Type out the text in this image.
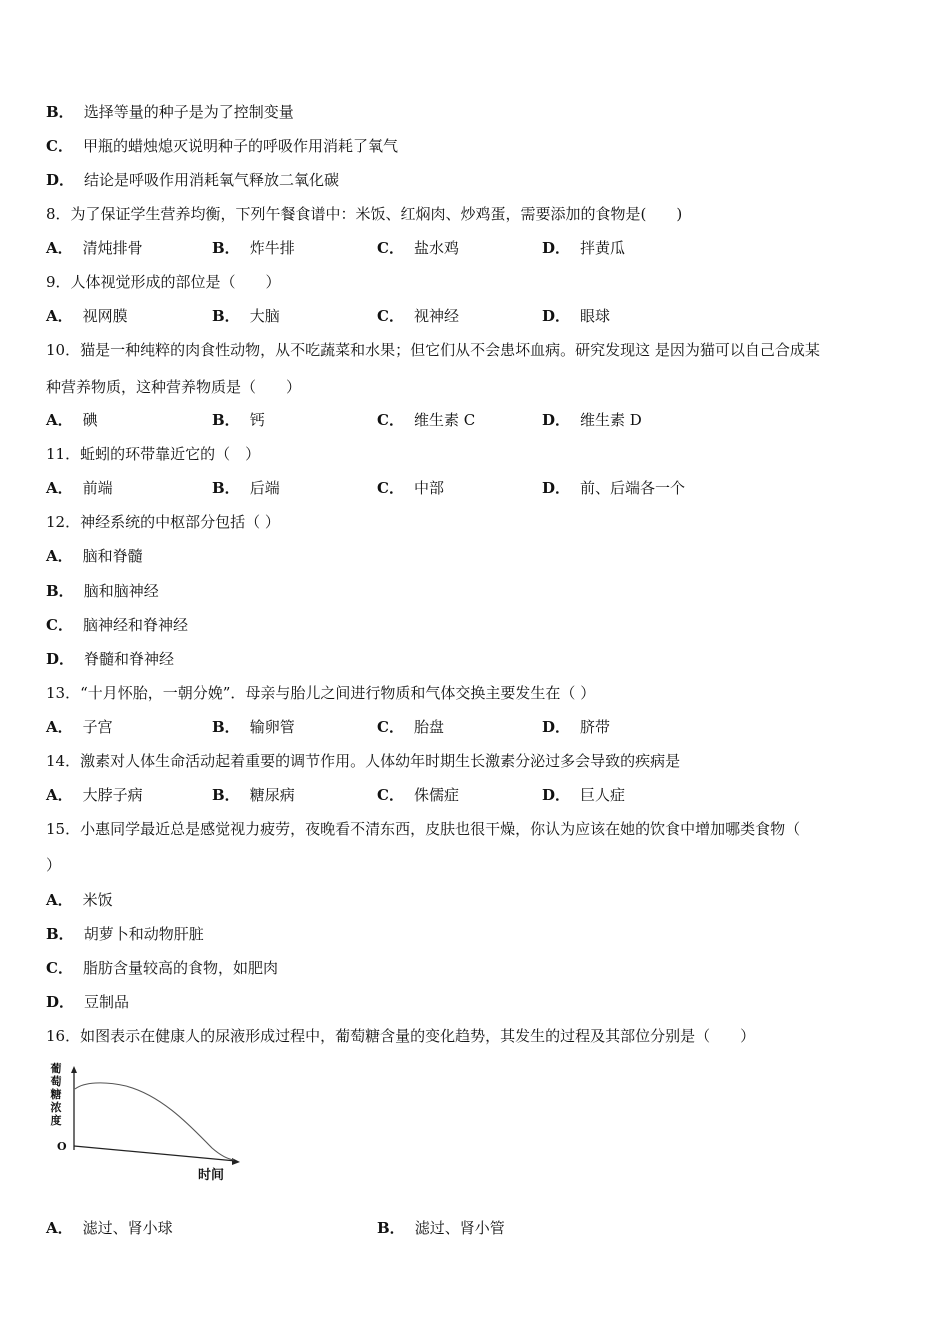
B． 选择等量的种子是为了控制变量
C． 甲瓶的蜡烛熄灭说明种子的呼吸作用消耗了氧气
D． 结论是呼吸作用消耗氧气释放二氧化碳
8．为了保证学生营养均衡，下列午餐食谱中：米饭、红焖肉、炒鸡蛋，需要添加的食物是(　　)
A． 清炖排骨	B． 炸牛排	C． 盐水鸡	D． 拌黄瓜
9．人体视觉形成的部位是（　　）
A． 视网膜	B． 大脑	C． 视神经	D． 眼球
10．猫是一种纯粹的肉食性动物，从不吃蔬菜和水果；但它们从不会患坏血病。研究发现这 是因为猫可以自己合成某
种营养物质，这种营养物质是（　　）
A． 碘	B． 钙	C． 维生素 C	D． 维生素 D
11．蚯蚓的环带靠近它的（　）
A． 前端	B． 后端	C． 中部	D． 前、后端各一个
12．神经系统的中枢部分包括（ ）
A． 脑和脊髓
B． 脑和脑神经
C． 脑神经和脊神经
D． 脊髓和脊神经
13．“十月怀胎，一朝分娩”．母亲与胎儿之间进行物质和气体交换主要发生在（ ）
A． 子宫	B． 输卵管	C． 胎盘	D． 脐带
14．激素对人体生命活动起着重要的调节作用。人体幼年时期生长激素分泌过多会导致的疾病是
A． 大脖子病	B． 糖尿病	C． 侏儒症	D． 巨人症
15．小惠同学最近总是感觉视力疲劳，夜晚看不清东西，皮肤也很干燥，你认为应该在她的饮食中增加哪类食物（
）
A． 米饭
B． 胡萝卜和动物肝脏
C． 脂肪含量较高的食物，如肥肉
D． 豆制品
16．如图表示在健康人的尿液形成过程中，葡萄糖含量的变化趋势，其发生的过程及其部位分别是（　　）
葡萄糖浓度
O
时间
A． 滤过、肾小球	B． 滤过、肾小管
